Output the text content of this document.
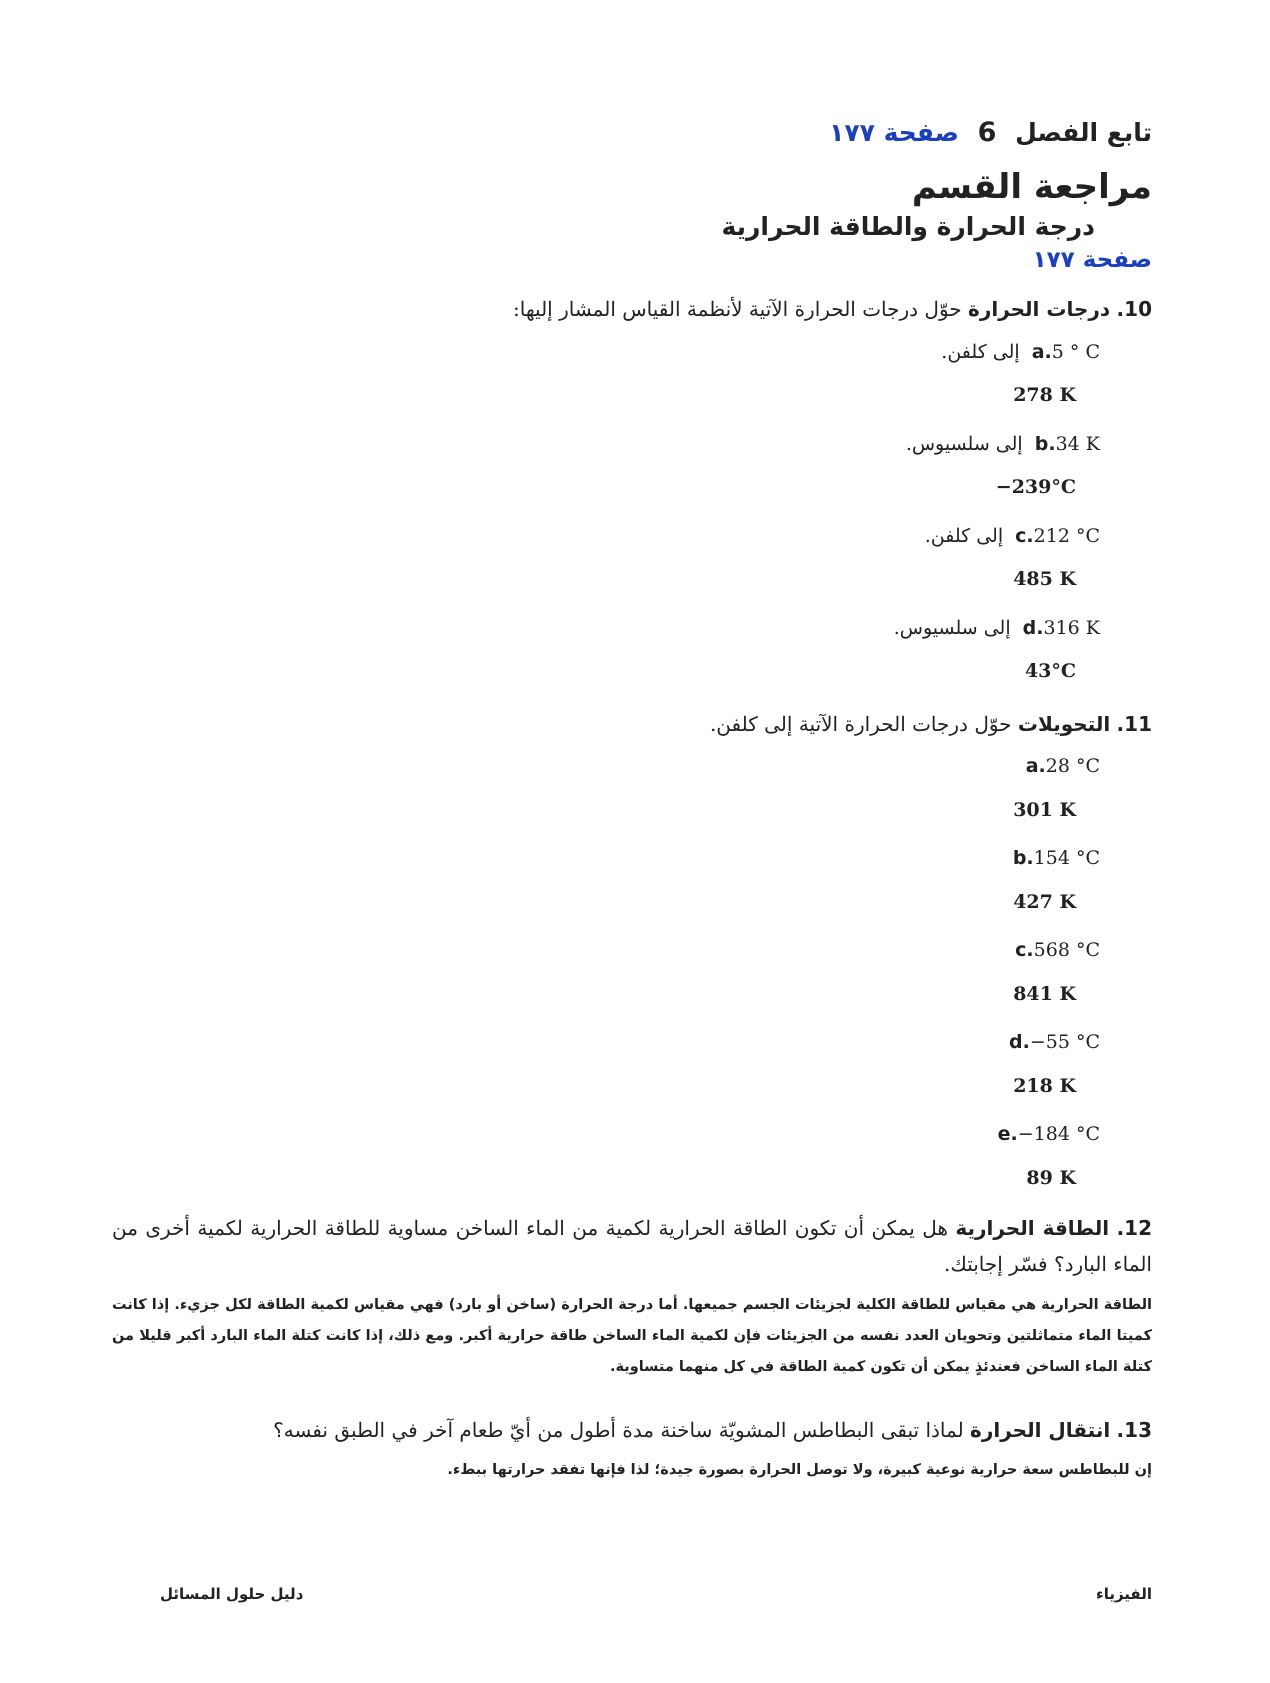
تابع الفصل 6 صفحة ١٧٧
مراجعة القسم
درجة الحرارة والطاقة الحرارية
صفحة ١٧٧
10. درجات الحرارة حوّل درجات الحرارة الآتية لأنظمة القياس المشار إليها:
a.5 ° C إلى كلفن.
278 K
b.34 K إلى سلسيوس.
−239°C
c.212 °C إلى كلفن.
485 K
d.316 K إلى سلسيوس.
43°C
11. التحويلات حوّل درجات الحرارة الآتية إلى كلفن.
a.28 °C
301 K
b.154 °C
427 K
c.568 °C
841 K
d.−55 °C
218 K
e.−184 °C
89 K
12. الطاقة الحرارية هل يمكن أن تكون الطاقة الحرارية لكمية من الماء الساخن مساوية للطاقة الحرارية لكمية أخرى من الماء البارد؟ فسّر إجابتك.
الطاقة الحرارية هي مقياس للطاقة الكلية لجزيئات الجسم جميعها. أما درجة الحرارة (ساخن أو بارد) فهي مقياس لكمية الطاقة لكل جزيء. إذا كانت كميتا الماء متماثلتين وتحويان العدد نفسه من الجزيئات فإن لكمية الماء الساخن طاقة حرارية أكبر. ومع ذلك، إذا كانت كتلة الماء البارد أكبر قليلا من كتلة الماء الساخن فعندئذٍ يمكن أن تكون كمية الطاقة في كل منهما متساوية.
13. انتقال الحرارة لماذا تبقى البطاطس المشويّة ساخنة مدة أطول من أيّ طعام آخر في الطبق نفسه؟
إن للبطاطس سعة حرارية نوعية كبيرة، ولا توصل الحرارة بصورة جيدة؛ لذا فإنها تفقد حرارتها ببطء.
الفيزياء
دليل حلول المسائل
